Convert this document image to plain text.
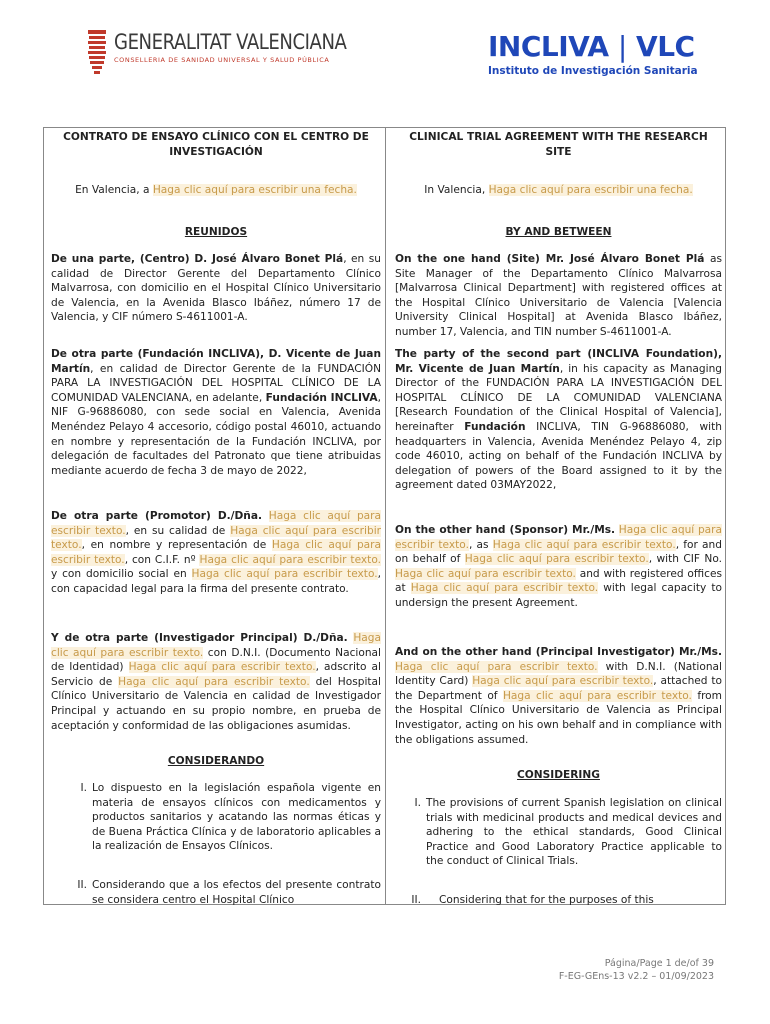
GENERALITAT VALENCIANA
CONSELLERIA DE SANIDAD UNIVERSAL Y SALUD PÚBLICA	INCLIVA | VLC
Instituto de Investigación Sanitaria
CONTRATO DE ENSAYO CLÍNICO CON EL CENTRO DE INVESTIGACIÓN
En Valencia, a Haga clic aquí para escribir una fecha.
REUNIDOS
De una parte, (Centro) D. José Álvaro Bonet Plá, en su calidad de Director Gerente del Departamento Clínico Malvarrosa, con domicilio en el Hospital Clínico Universitario de Valencia, en la Avenida Blasco Ibáñez, número 17 de Valencia, y CIF número S-4611001-A.
De otra parte (Fundación INCLIVA), D. Vicente de Juan Martín, en calidad de Director Gerente de la FUNDACIÓN PARA LA INVESTIGACIÓN DEL HOSPITAL CLÍNICO DE LA COMUNIDAD VALENCIANA, en adelante, Fundación INCLIVA, NIF G-96886080, con sede social en Valencia, Avenida Menéndez Pelayo 4 accesorio, código postal 46010, actuando en nombre y representación de la Fundación INCLIVA, por delegación de facultades del Patronato que tiene atribuidas mediante acuerdo de fecha 3 de mayo de 2022,
De otra parte (Promotor) D./Dña. Haga clic aquí para escribir texto., en su calidad de Haga clic aquí para escribir texto., en nombre y representación de Haga clic aquí para escribir texto., con C.I.F. nº Haga clic aquí para escribir texto. y con domicilio social en Haga clic aquí para escribir texto., con capacidad legal para la firma del presente contrato.
Y de otra parte (Investigador Principal) D./Dña. Haga clic aquí para escribir texto. con D.N.I. (Documento Nacional de Identidad) Haga clic aquí para escribir texto., adscrito al Servicio de Haga clic aquí para escribir texto. del Hospital Clínico Universitario de Valencia en calidad de Investigador Principal y actuando en su propio nombre, en prueba de aceptación y conformidad de las obligaciones asumidas.
CONSIDERANDO
I. Lo dispuesto en la legislación española vigente en materia de ensayos clínicos con medicamentos y productos sanitarios y acatando las normas éticas y de Buena Práctica Clínica y de laboratorio aplicables a la realización de Ensayos Clínicos.
II. Considerando que a los efectos del presente contrato se considera centro el Hospital Clínico
CLINICAL TRIAL AGREEMENT WITH THE RESEARCH SITE
In Valencia, Haga clic aquí para escribir una fecha.
BY AND BETWEEN
On the one hand (Site) Mr. José Álvaro Bonet Plá as Site Manager of the Departamento Clínico Malvarrosa [Malvarrosa Clinical Department] with registered offices at the Hospital Clínico Universitario de Valencia [Valencia University Clinical Hospital] at Avenida Blasco Ibáñez, number 17, Valencia, and TIN number S-4611001-A.
The party of the second part (INCLIVA Foundation), Mr. Vicente de Juan Martín, in his capacity as Managing Director of the FUNDACIÓN PARA LA INVESTIGACIÓN DEL HOSPITAL CLÍNICO DE LA COMUNIDAD VALENCIANA [Research Foundation of the Clinical Hospital of Valencia], hereinafter Fundación INCLIVA, TIN G-96886080, with headquarters in Valencia, Avenida Menéndez Pelayo 4, zip code 46010, acting on behalf of the Fundación INCLIVA by delegation of powers of the Board assigned to it by the agreement dated 03MAY2022,
On the other hand (Sponsor) Mr./Ms. Haga clic aquí para escribir texto., as Haga clic aquí para escribir texto., for and on behalf of Haga clic aquí para escribir texto., with CIF No. Haga clic aquí para escribir texto. and with registered offices at Haga clic aquí para escribir texto. with legal capacity to undersign the present Agreement.
And on the other hand (Principal Investigator) Mr./Ms. Haga clic aquí para escribir texto. with D.N.I. (National Identity Card) Haga clic aquí para escribir texto., attached to the Department of Haga clic aquí para escribir texto. from the Hospital Clínico Universitario de Valencia as Principal Investigator, acting on his own behalf and in compliance with the obligations assumed.
CONSIDERING
I. The provisions of current Spanish legislation on clinical trials with medicinal products and medical devices and adhering to the ethical standards, Good Clinical Practice and Good Laboratory Practice applicable to the conduct of Clinical Trials.
II. Considering that for the purposes of this
Página/Page 1 de/of 39
F-EG-GEns-13 v2.2 – 01/09/2023
